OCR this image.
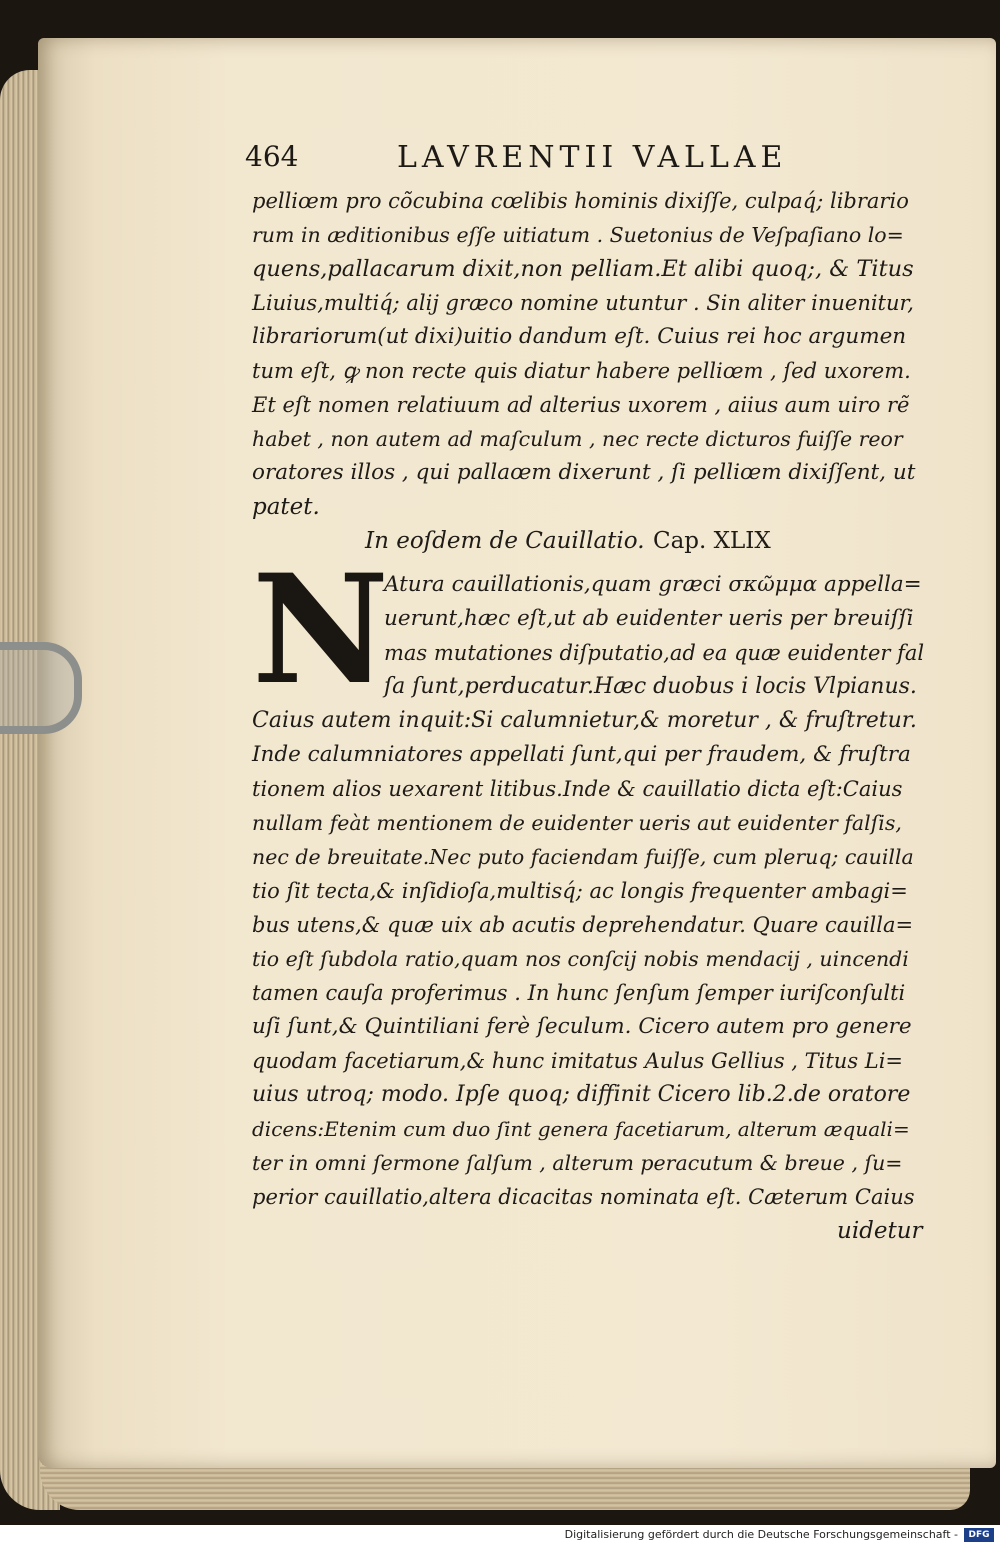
464	LAVRENTII VALLAE
pelliœm pro cõcubina cœlibis hominis dixiſſe, culpaq́; librario
rum in æditionibus eſſe uitiatum . Suetonius de Veſpaſiano lo=
quens,pallacarum dixit,non pelliam.Et alibi quoq;, & Titus
Liuius,multiq́; alij græco nomine utuntur . Sin aliter inuenitur,
librariorum(ut dixi)uitio dandum eſt. Cuius rei hoc argumen
tum eſt, ꝙ non recte quis diatur habere pelliœm , ſed uxorem.
Et eſt nomen relatiuum ad alterius uxorem , aiius aum uiro rẽ
habet , non autem ad maſculum , nec recte dicturos fuiſſe reor
oratores illos , qui pallaœm dixerunt , ſi pelliœm dixiſſent, ut
patet.
In eoſdem de Cauillatio. Cap. XLIX
N
Atura cauillationis,quam græci σκῶμμα appella=
uerunt,hæc eſt,ut ab euidenter ueris per breuiſſi
mas mutationes diſputatio,ad ea quæ euidenter fal
ſa ſunt,perducatur.Hæc duobus i locis Vlpianus.
Caius autem inquit:Si calumnietur,& moretur , & fruſtretur.
Inde calumniatores appellati ſunt,qui per fraudem, & fruſtra
tionem alios uexarent litibus.Inde & cauillatio dicta eſt:Caius
nullam feàt mentionem de euidenter ueris aut euidenter falſis,
nec de breuitate.Nec puto faciendam fuiſſe, cum pleruq; cauilla
tio ſit tecta,& inſidioſa,multisq́; ac longis frequenter ambagi=
bus utens,& quæ uix ab acutis deprehendatur. Quare cauilla=
tio eſt ſubdola ratio,quam nos conſcij nobis mendacij , uincendi
tamen cauſa proferimus . In hunc ſenſum ſemper iuriſconſulti
uſi ſunt,& Quintiliani ferè ſeculum. Cicero autem pro genere
quodam facetiarum,& hunc imitatus Aulus Gellius , Titus Li=
uius utroq; modo. Ipſe quoq; diffinit Cicero lib.2.de oratore
dicens:Etenim cum duo ſint genera facetiarum, alterum æquali=
ter in omni ſermone ſalſum , alterum peracutum & breue , ſu=
perior cauillatio,altera dicacitas nominata eſt. Cæterum Caius
uidetur
Digitalisierung gefördert durch die Deutsche Forschungsgemeinschaft -	DFG
